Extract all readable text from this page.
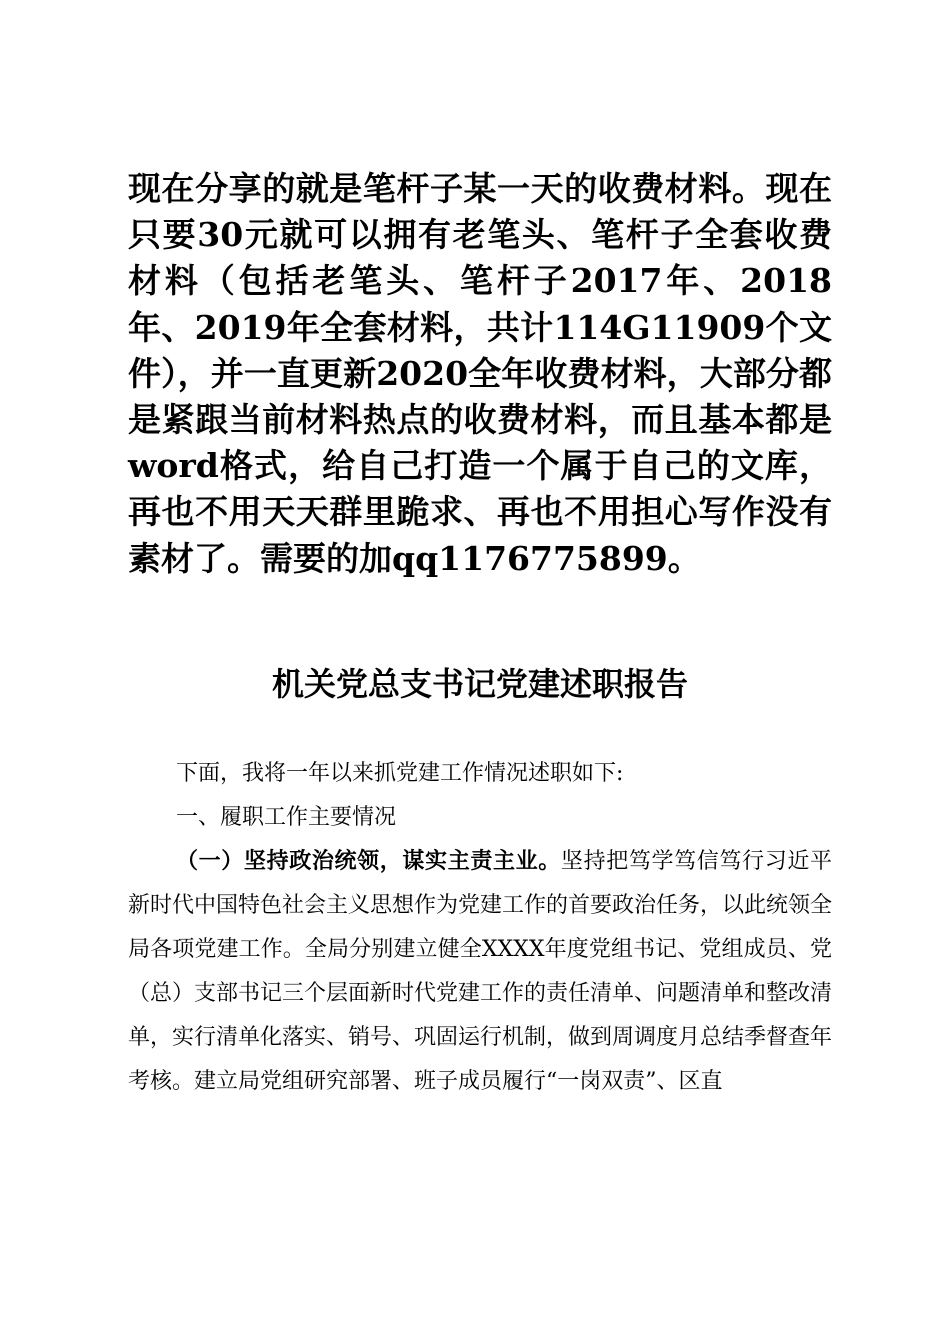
现在分享的就是笔杆子某一天的收费材料。现在只要30元就可以拥有老笔头、笔杆子全套收费材料（包括老笔头、笔杆子2017年、2018年、2019年全套材料，共计114G11909个文件），并一直更新2020全年收费材料，大部分都是紧跟当前材料热点的收费材料，而且基本都是word格式，给自己打造一个属于自己的文库，再也不用天天群里跪求、再也不用担心写作没有素材了。需要的加qq1176775899。

机关党总支书记党建述职报告

下面，我将一年以来抓党建工作情况述职如下:

一、履职工作主要情况

（一）坚持政治统领，谋实主责主业。坚持把笃学笃信笃行习近平新时代中国特色社会主义思想作为党建工作的首要政治任务，以此统领全局各项党建工作。全局分别建立健全XXXX年度党组书记、党组成员、党（总）支部书记三个层面新时代党建工作的责任清单、问题清单和整改清单，实行清单化落实、销号、巩固运行机制，做到周调度月总结季督查年考核。建立局党组研究部署、班子成员履行“一岗双责”、区直
